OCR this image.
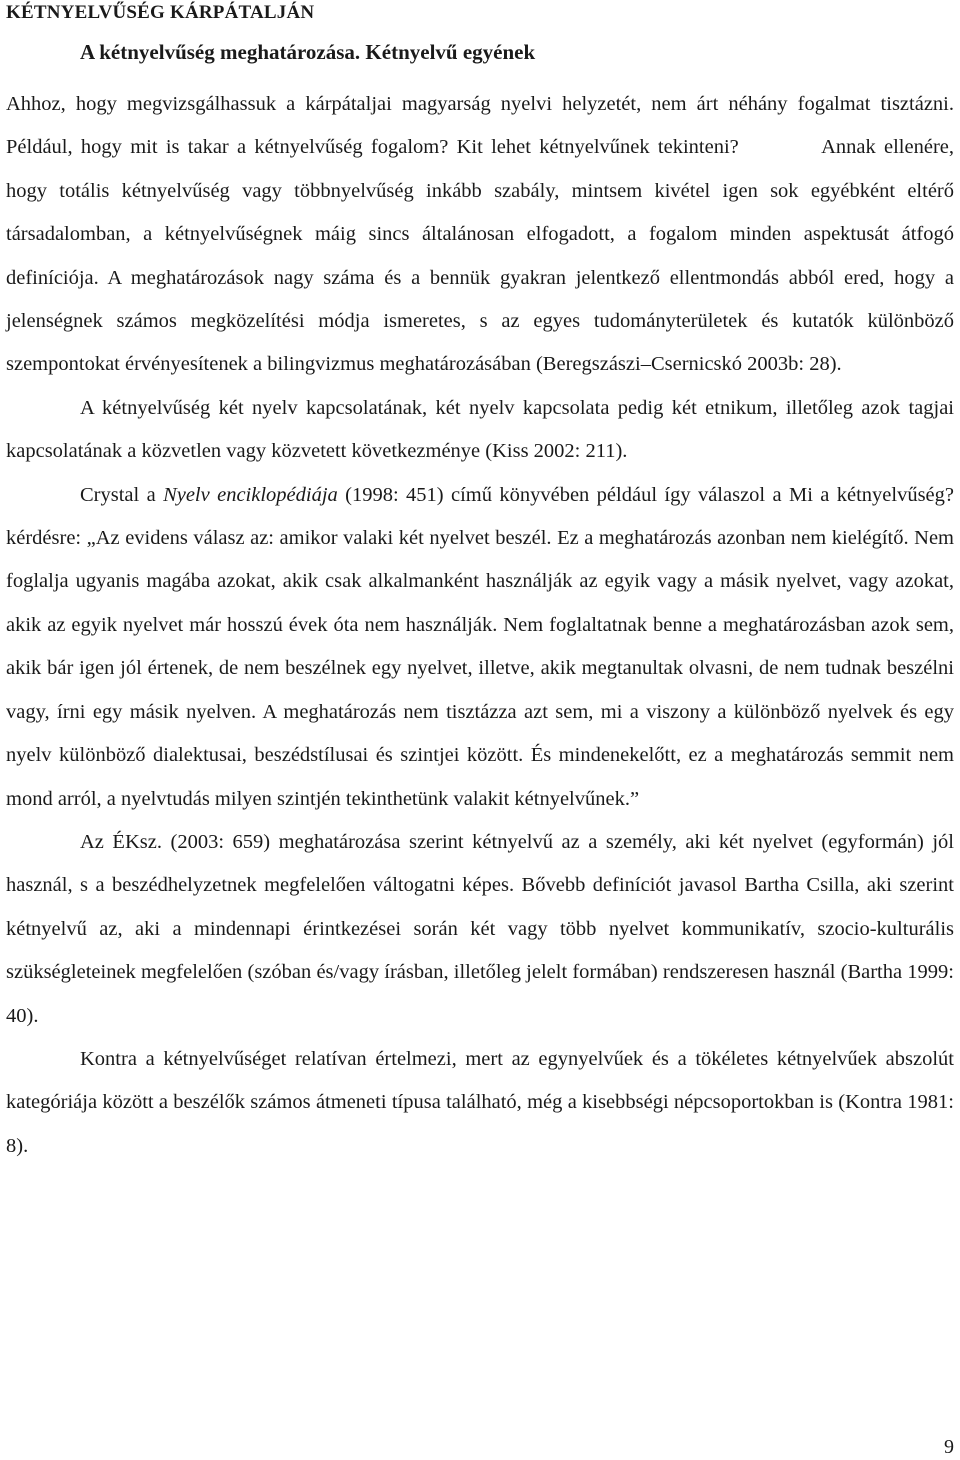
KÉTNYELVŰSÉG KÁRPÁTALJÁN
A kétnyelvűség meghatározása. Kétnyelvű egyének

Ahhoz, hogy megvizsgálhassuk a kárpátaljai magyarság nyelvi helyzetét, nem árt néhány fogalmat tisztázni. Például, hogy mit is takar a kétnyelvűség fogalom? Kit lehet kétnyelvűnek tekinteni?	Annak ellenére, hogy totális kétnyelvűség vagy többnyelvűség inkább szabály, mintsem kivétel igen sok egyébként eltérő társadalomban, a kétnyelvűségnek máig sincs általánosan elfogadott, a fogalom minden aspektusát átfogó definíciója. A meghatározások nagy száma és a bennük gyakran jelentkező ellentmondás abból ered, hogy a jelenségnek számos megközelítési módja ismeretes, s az egyes tudományterületek és kutatók különböző szempontokat érvényesítenek a bilingvizmus meghatározásában (Beregszászi–Csernicskó 2003b: 28).

A kétnyelvűség két nyelv kapcsolatának, két nyelv kapcsolata pedig két etnikum, illetőleg azok tagjai kapcsolatának a közvetlen vagy közvetett következménye (Kiss 2002: 211).

Crystal a Nyelv enciklopédiája (1998: 451) című könyvében például így válaszol a Mi a kétnyelvűség? kérdésre: „Az evidens válasz az: amikor valaki két nyelvet beszél. Ez a meghatározás azonban nem kielégítő. Nem foglalja ugyanis magába azokat, akik csak alkalmanként használják az egyik vagy a másik nyelvet, vagy azokat, akik az egyik nyelvet már hosszú évek óta nem használják. Nem foglaltatnak benne a meghatározásban azok sem, akik bár igen jól értenek, de nem beszélnek egy nyelvet, illetve, akik megtanultak olvasni, de nem tudnak beszélni vagy, írni egy másik nyelven. A meghatározás nem tisztázza azt sem, mi a viszony a különböző nyelvek és egy nyelv különböző dialektusai, beszédstílusai és szintjei között. És mindenekelőtt, ez a meghatározás semmit nem mond arról, a nyelvtudás milyen szintjén tekinthetünk valakit kétnyelvűnek.”

Az ÉKsz. (2003: 659) meghatározása szerint kétnyelvű az a személy, aki két nyelvet (egyformán) jól használ, s a beszédhelyzetnek megfelelően váltogatni képes. Bővebb definíciót javasol Bartha Csilla, aki szerint kétnyelvű az, aki a mindennapi érintkezései során két vagy több nyelvet kommunikatív, szocio-kulturális szükségleteinek megfelelően (szóban és/vagy írásban, illetőleg jelelt formában) rendszeresen használ (Bartha 1999: 40).

Kontra a kétnyelvűséget relatívan értelmezi, mert az egynyelvűek és a tökéletes kétnyelvűek abszolút kategóriája között a beszélők számos átmeneti típusa található, még a kisebbségi népcsoportokban is (Kontra 1981: 8).

9
